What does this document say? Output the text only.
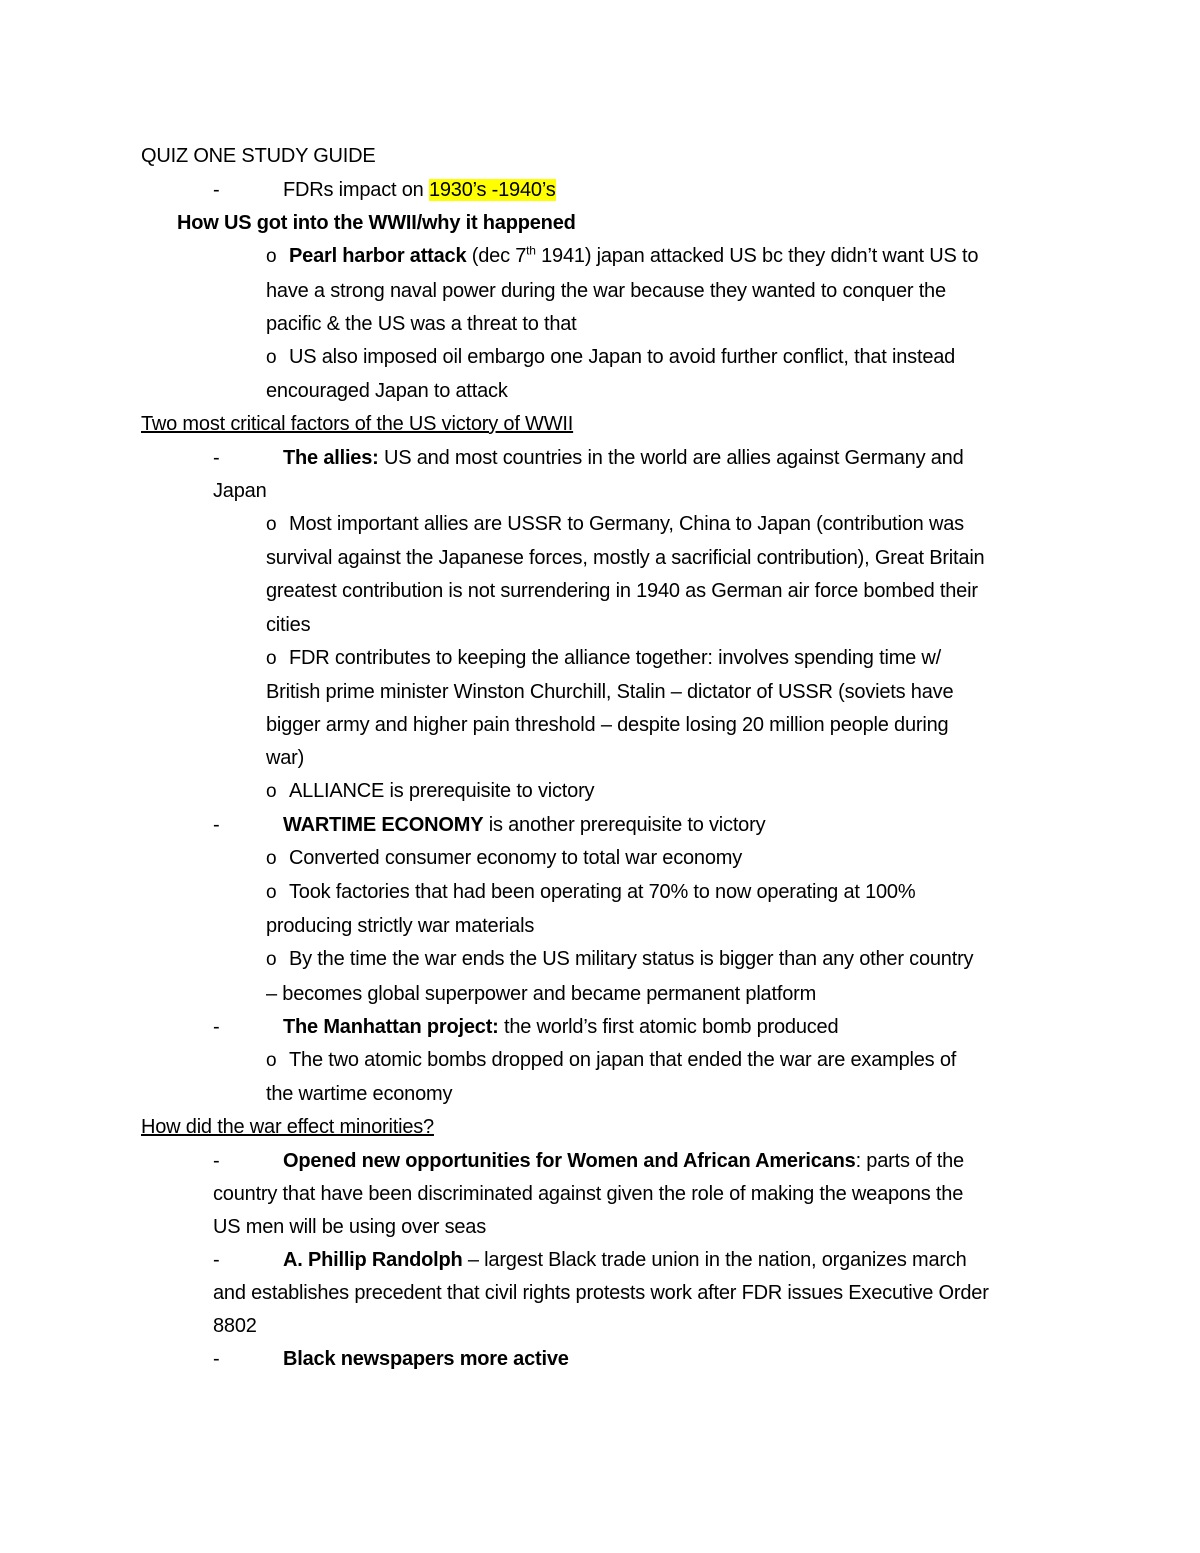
QUIZ ONE STUDY GUIDE
-	FDRs impact on 1930’s -1940’s
How US got into the WWII/why it happened
o Pearl harbor attack (dec 7th 1941) japan attacked US bc they didn’t want US to
have a strong naval power during the war because they wanted to conquer the
pacific & the US was a threat to that
o US also imposed oil embargo one Japan to avoid further conflict, that instead
encouraged Japan to attack
Two most critical factors of the US victory of WWII
-	The allies: US and most countries in the world are allies against Germany and
Japan
o Most important allies are USSR to Germany, China to Japan (contribution was
survival against the Japanese forces, mostly a sacrificial contribution), Great Britain
greatest contribution is not surrendering in 1940 as German air force bombed their
cities
o FDR contributes to keeping the alliance together: involves spending time w/
British prime minister Winston Churchill, Stalin – dictator of USSR (soviets have
bigger army and higher pain threshold – despite losing 20 million people during
war)
o ALLIANCE is prerequisite to victory
-	WARTIME ECONOMY is another prerequisite to victory
o Converted consumer economy to total war economy
o Took factories that had been operating at 70% to now operating at 100%
producing strictly war materials
o By the time the war ends the US military status is bigger than any other country
– becomes global superpower and became permanent platform
-	The Manhattan project: the world’s first atomic bomb produced
o The two atomic bombs dropped on japan that ended the war are examples of
the wartime economy
How did the war effect minorities?
-	Opened new opportunities for Women and African Americans: parts of the
country that have been discriminated against given the role of making the weapons the
US men will be using over seas
-	A. Phillip Randolph – largest Black trade union in the nation, organizes march
and establishes precedent that civil rights protests work after FDR issues Executive Order
8802
-	Black newspapers more active
